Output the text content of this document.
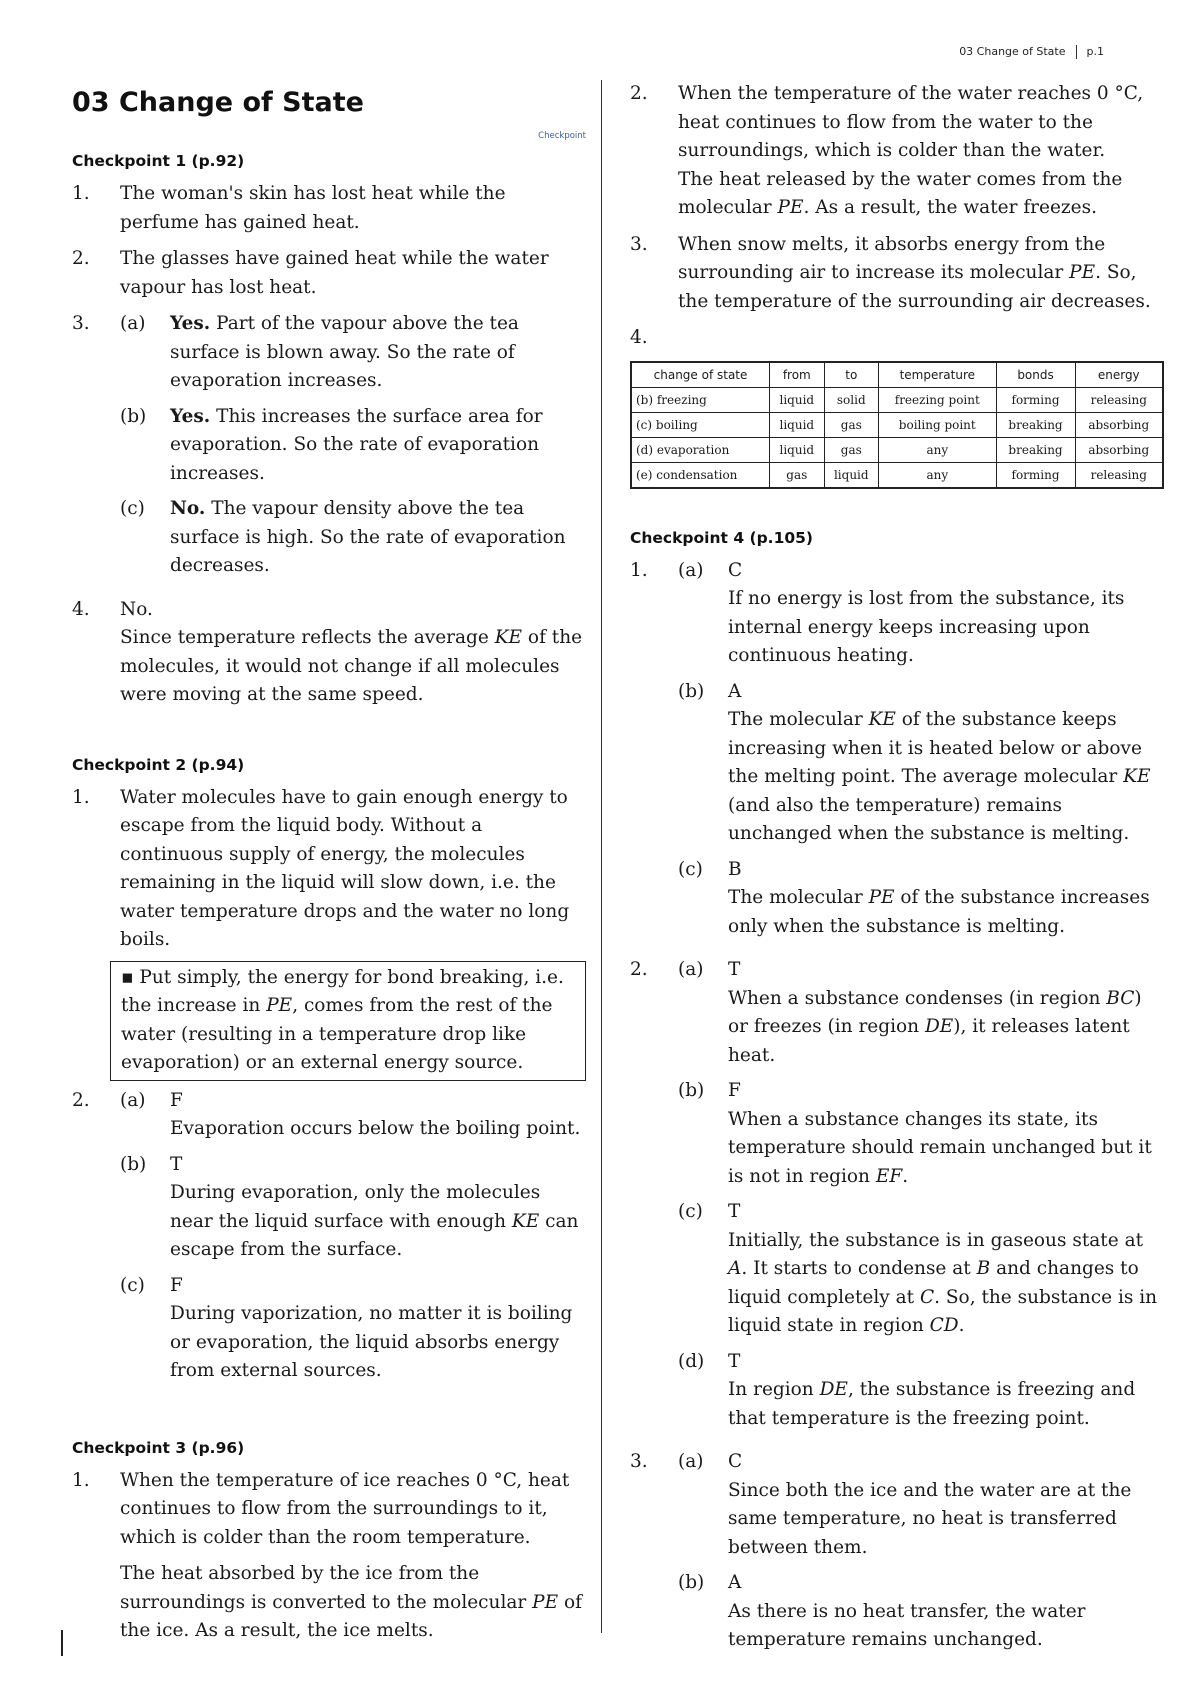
03 Change of State p.1
03 Change of State
Checkpoint
Checkpoint 1 (p.92)
1.	The woman's skin has lost heat while the perfume has gained heat.
2.	The glasses have gained heat while the water vapour has lost heat.
3.	(a)	Yes. Part of the vapour above the tea surface is blown away. So the rate of evaporation increases.
(b)	Yes. This increases the surface area for evaporation. So the rate of evaporation increases.
(c)	No. The vapour density above the tea surface is high. So the rate of evaporation decreases.
4.	No.
Since temperature reflects the average KE of the molecules, it would not change if all molecules were moving at the same speed.
Checkpoint 2 (p.94)
1.	Water molecules have to gain enough energy to escape from the liquid body. Without a continuous supply of energy, the molecules remaining in the liquid will slow down, i.e. the water temperature drops and the water no long boils.
▪ Put simply, the energy for bond breaking, i.e. the increase in PE, comes from the rest of the water (resulting in a temperature drop like evaporation) or an external energy source.
2.	(a)	F
Evaporation occurs below the boiling point.
(b)	T
During evaporation, only the molecules near the liquid surface with enough KE can escape from the surface.
(c)	F
During vaporization, no matter it is boiling or evaporation, the liquid absorbs energy from external sources.
Checkpoint 3 (p.96)
1.	When the temperature of ice reaches 0 °C, heat continues to flow from the surroundings to it, which is colder than the room temperature.
The heat absorbed by the ice from the surroundings is converted to the molecular PE of the ice. As a result, the ice melts.
2.	When the temperature of the water reaches 0 °C, heat continues to flow from the water to the surroundings, which is colder than the water.
The heat released by the water comes from the molecular PE. As a result, the water freezes.
3.	When snow melts, it absorbs energy from the surrounding air to increase its molecular PE. So, the temperature of the surrounding air decreases.
4.
change of state	from	to	temperature	bonds	energy
(b) freezing	liquid	solid	freezing point	forming	releasing
(c) boiling	liquid	gas	boiling point	breaking	absorbing
(d) evaporation	liquid	gas	any	breaking	absorbing
(e) condensation	gas	liquid	any	forming	releasing
Checkpoint 4 (p.105)
1.	(a)	C
If no energy is lost from the substance, its internal energy keeps increasing upon continuous heating.
(b)	A
The molecular KE of the substance keeps increasing when it is heated below or above the melting point. The average molecular KE (and also the temperature) remains unchanged when the substance is melting.
(c)	B
The molecular PE of the substance increases only when the substance is melting.
2.	(a)	T
When a substance condenses (in region BC) or freezes (in region DE), it releases latent heat.
(b)	F
When a substance changes its state, its temperature should remain unchanged but it is not in region EF.
(c)	T
Initially, the substance is in gaseous state at A. It starts to condense at B and changes to liquid completely at C. So, the substance is in liquid state in region CD.
(d)	T
In region DE, the substance is freezing and that temperature is the freezing point.
3.	(a)	C
Since both the ice and the water are at the same temperature, no heat is transferred between them.
(b)	A
As there is no heat transfer, the water temperature remains unchanged.
